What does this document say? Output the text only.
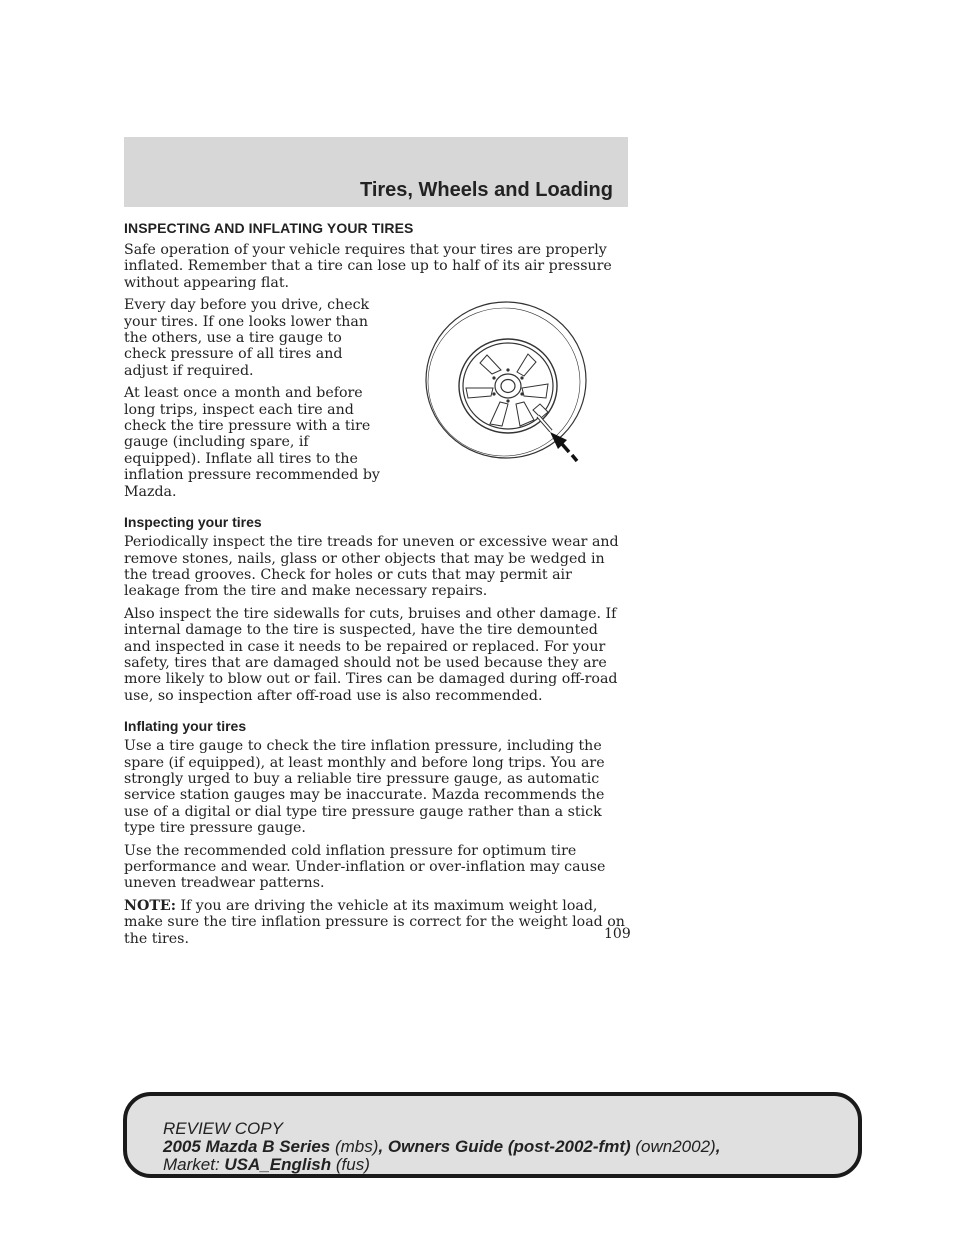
Tires, Wheels and Loading
INSPECTING AND INFLATING YOUR TIRES

Safe operation of your vehicle requires that your tires are properly inflated. Remember that a tire can lose up to half of its air pressure without appearing flat.

Every day before you drive, check your tires. If one looks lower than the others, use a tire gauge to check pressure of all tires and adjust if required.

At least once a month and before long trips, inspect each tire and check the tire pressure with a tire gauge (including spare, if equipped). Inflate all tires to the inflation pressure recommended by Mazda.

Inspecting your tires

Periodically inspect the tire treads for uneven or excessive wear and remove stones, nails, glass or other objects that may be wedged in the tread grooves. Check for holes or cuts that may permit air leakage from the tire and make necessary repairs.

Also inspect the tire sidewalls for cuts, bruises and other damage. If internal damage to the tire is suspected, have the tire demounted and inspected in case it needs to be repaired or replaced. For your safety, tires that are damaged should not be used because they are more likely to blow out or fail. Tires can be damaged during off-road use, so inspection after off-road use is also recommended.

Inflating your tires

Use a tire gauge to check the tire inflation pressure, including the spare (if equipped), at least monthly and before long trips. You are strongly urged to buy a reliable tire pressure gauge, as automatic service station gauges may be inaccurate. Mazda recommends the use of a digital or dial type tire pressure gauge rather than a stick type tire pressure gauge.

Use the recommended cold inflation pressure for optimum tire performance and wear. Under-inflation or over-inflation may cause uneven treadwear patterns.

NOTE: If you are driving the vehicle at its maximum weight load, make sure the tire inflation pressure is correct for the weight load on the tires.	109
REVIEW COPY
2005 Mazda B Series (mbs), Owners Guide (post-2002-fmt) (own2002),
Market: USA_English (fus)
